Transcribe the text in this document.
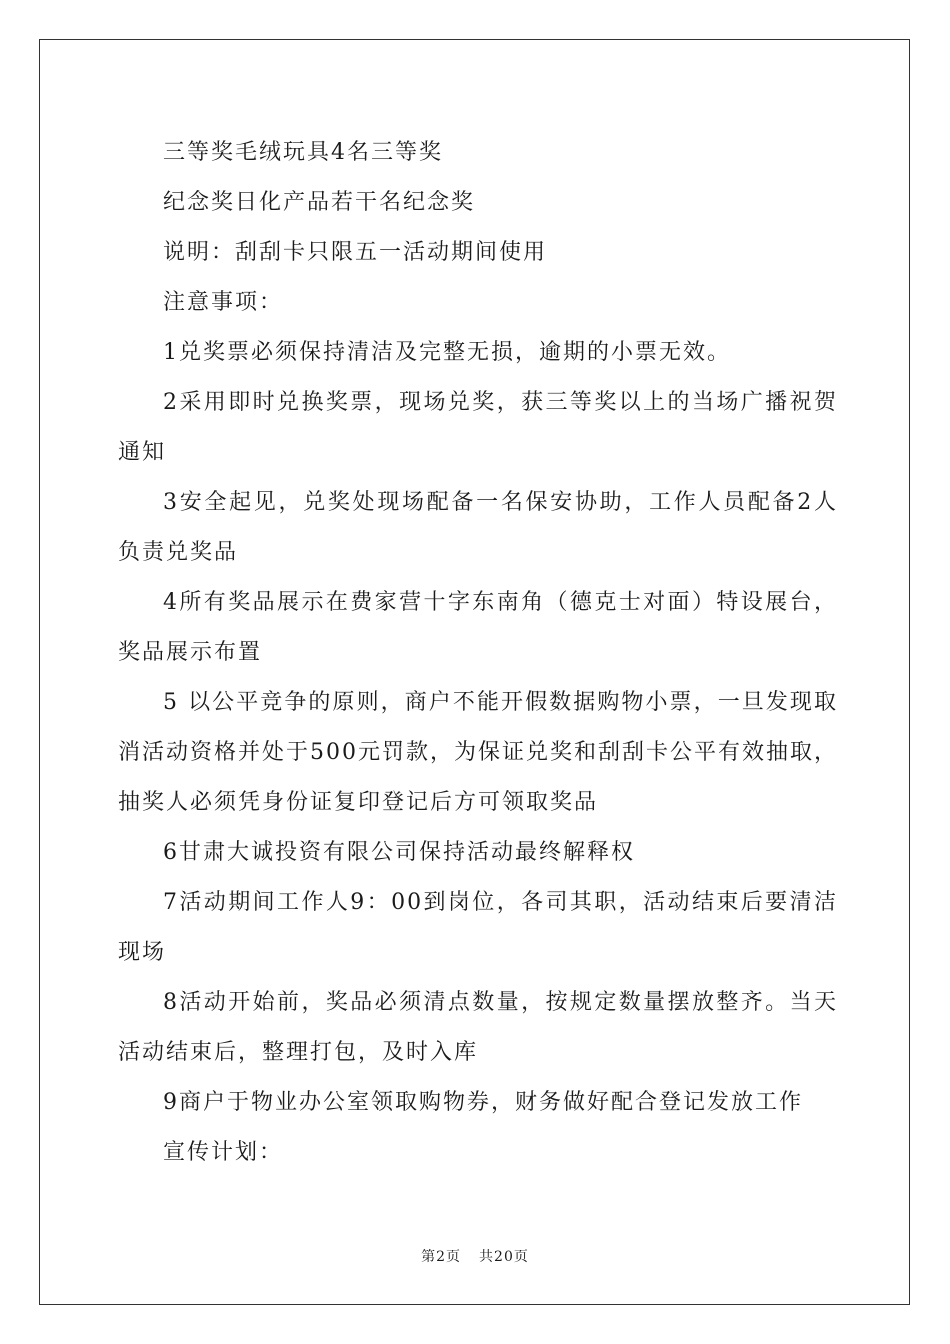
三等奖毛绒玩具4名三等奖

纪念奖日化产品若干名纪念奖

说明：刮刮卡只限五一活动期间使用

注意事项：

1兑奖票必须保持清洁及完整无损，逾期的小票无效。

2采用即时兑换奖票，现场兑奖，获三等奖以上的当场广播祝贺通知

3安全起见，兑奖处现场配备一名保安协助，工作人员配备2人负责兑奖品

4所有奖品展示在费家营十字东南角（德克士对面）特设展台，奖品展示布置

5 以公平竞争的原则，商户不能开假数据购物小票，一旦发现取消活动资格并处于500元罚款，为保证兑奖和刮刮卡公平有效抽取，抽奖人必须凭身份证复印登记后方可领取奖品

6甘肃大诚投资有限公司保持活动最终解释权

7活动期间工作人9：00到岗位，各司其职，活动结束后要清洁现场

8活动开始前，奖品必须清点数量，按规定数量摆放整齐。当天活动结束后，整理打包，及时入库

9商户于物业办公室领取购物券，财务做好配合登记发放工作

宣传计划：

第2页 共20页
